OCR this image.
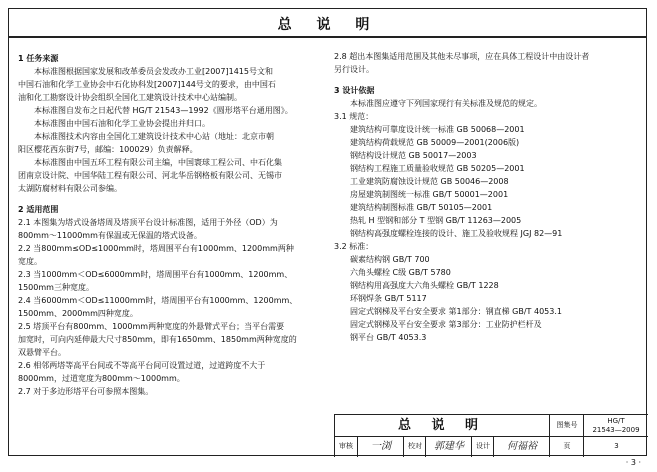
总 说 明
1 任务来源
本标准图根据国家发展和改革委员会发改办工业[2007]1415号文和
中国石油和化学工业协会中石化协科发[2007]144号文的要求，由中国石
油和化工勘察设计协会组织全国化工建筑设计技术中心站编制。
本标准图自发布之日起代替 HG/T 21543—1992《圆形塔平台通用图》。
本标准图由中国石油和化学工业协会提出并归口。
本标准图技术内容由全国化工建筑设计技术中心站（地址：北京市朝
阳区樱花西东街7号，邮编：100029）负责解释。
本标准图由中国五环工程有限公司主编，中国寰球工程公司、中石化集
团南京设计院、中国华陆工程有限公司、河北华岳钢格板有限公司、无锡市
太湖防腐材料有限公司参编。
2 适用范围
2.1 本图集为塔式设备塔周及塔顶平台设计标准图，适用于外径（OD）为
800mm～11000mm有保温或无保温的塔式设备。
2.2 当800mm≤OD≤1000mm时，塔周围平台有1000mm、1200mm两种
宽度。
2.3 当1000mm＜OD≤6000mm时，塔周围平台有1000mm、1200mm、
1500mm三种宽度。
2.4 当6000mm＜OD≤11000mm时，塔周围平台有1000mm、1200mm、
1500mm、2000mm四种宽度。
2.5 塔顶平台有800mm、1000mm两种宽度的外悬臂式平台；当平台需要
加宽时，可向内延伸最大尺寸850mm，即有1650mm、1850mm两种宽度的
双悬臂平台。
2.6 相邻两塔等高平台间或不等高平台间可设置过道，过道跨度不大于
8000mm，过道宽度为800mm～1000mm。
2.7 对于多边形塔平台可参照本图集。
2.8 超出本图集适用范围及其他未尽事项，应在具体工程设计中由设计者
另行设计。
3 设计依据
本标准图应遵守下列国家现行有关标准及规范的规定。
3.1 规范：
建筑结构可靠度设计统一标准 GB 50068—2001
建筑结构荷载规范 GB 50009—2001(2006版)
钢结构设计规范 GB 50017—2003
钢结构工程施工质量验收规范 GB 50205—2001
工业建筑防腐蚀设计规范 GB 50046—2008
房屋建筑制图统一标准 GB/T 50001—2001
建筑结构制图标准 GB/T 50105—2001
热轧 H 型钢和部分 T 型钢 GB/T 11263—2005
钢结构高强度螺栓连接的设计、施工及验收规程 JGJ 82—91
3.2 标准：
碳素结构钢 GB/T 700
六角头螺栓 C级 GB/T 5780
钢结构用高强度大六角头螺栓 GB/T 1228
环钢焊条 GB/T 5117
固定式钢梯及平台安全要求 第1部分：钢直梯 GB/T 4053.1
固定式钢梯及平台安全要求 第3部分：工业防护栏杆及
钢平台 GB/T 4053.3
总 说 明	图集号	HG/T
21543—2009
审核	一浏	校对	郭建华	设计	何福裕	页	3
· 3 ·
